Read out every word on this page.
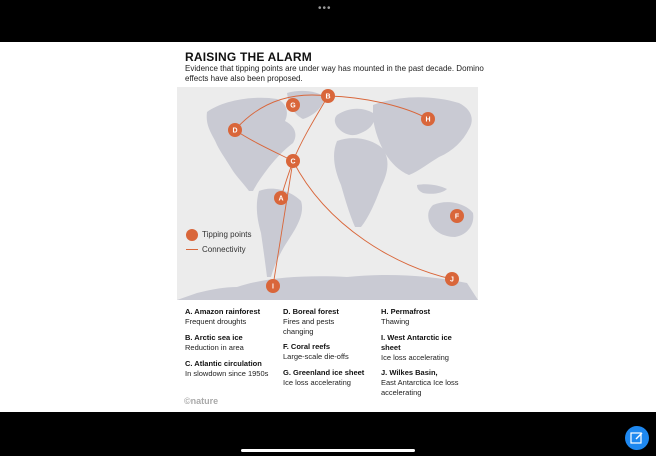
•••
RAISING THE ALARM
Evidence that tipping points are under way has mounted in the past decade. Domino effects have also been proposed.
A
B
C
D
F
G
H
I
J
Tipping points
Connectivity
A. Amazon rainforest
Frequent droughts
B. Arctic sea ice
Reduction in area
C. Atlantic circulation
In slowdown since 1950s
D. Boreal forest
Fires and pests changing
F. Coral reefs
Large-scale die-offs
G. Greenland ice sheet
Ice loss accelerating
H. Permafrost
Thawing
I. West Antarctic ice sheet
Ice loss accelerating
J. Wilkes Basin,
East Antarctica Ice loss accelerating
©nature
